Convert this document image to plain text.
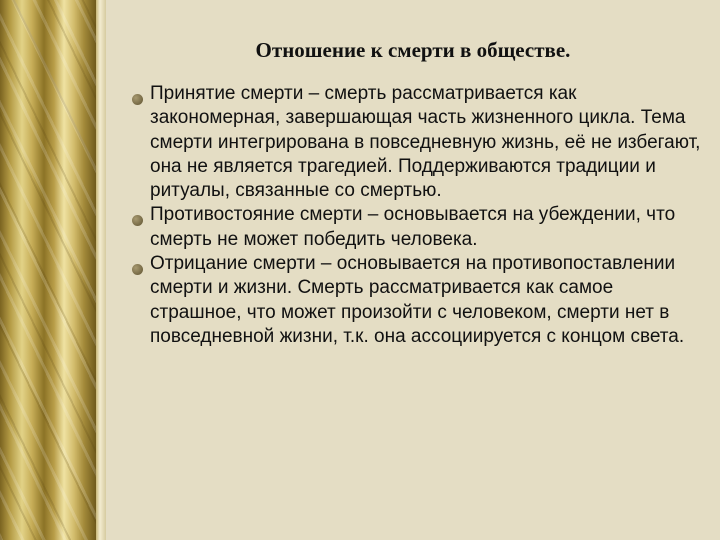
Отношение к смерти в обществе.
Принятие смерти – смерть рассматривается как закономерная, завершающая часть жизненного цикла. Тема смерти интегрирована в повседневную жизнь, её не избегают, она не является трагедией. Поддерживаются традиции и ритуалы, связанные со смертью.
Противостояние смерти – основывается на убеждении, что смерть не может победить человека.
Отрицание смерти – основывается на противопоставлении смерти и жизни. Смерть рассматривается как самое страшное, что может произойти с человеком, смерти нет в повседневной жизни, т.к. она ассоциируется с концом света.
